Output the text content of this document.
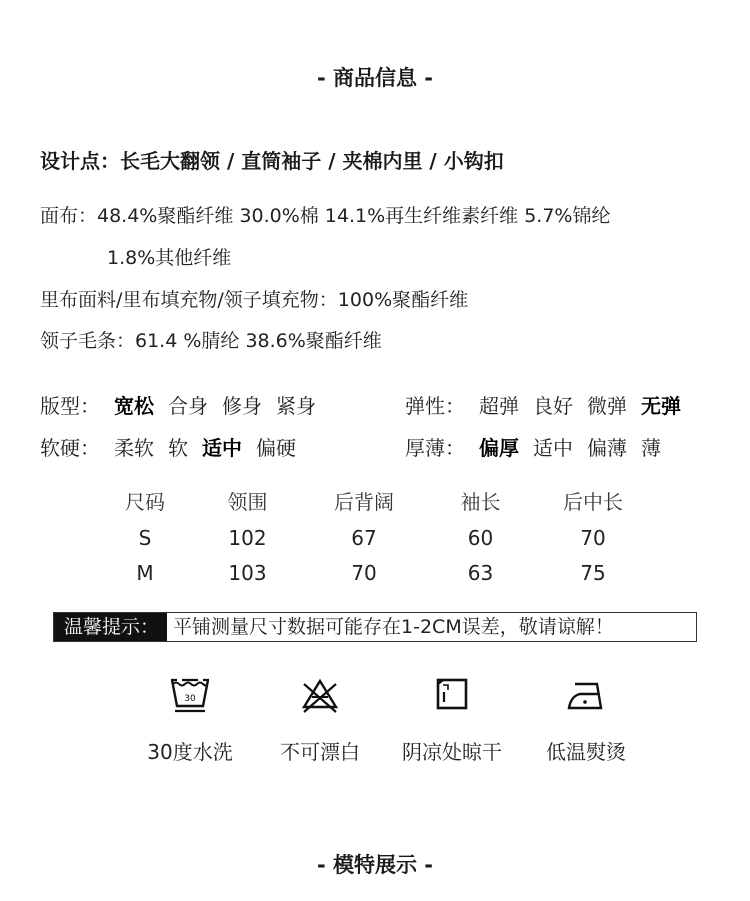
- 商品信息 -
设计点：长毛大翻领 / 直筒袖子 / 夹棉内里 / 小钩扣
面布：48.4%聚酯纤维 30.0%棉 14.1%再生纤维素纤维 5.7%锦纶
1.8%其他纤维
里布面料/里布填充物/领子填充物：100%聚酯纤维
领子毛条：61.4 %腈纶 38.6%聚酯纤维
版型： 宽松 合身 修身 紧身	弹性： 超弹 良好 微弹 无弹
软硬： 柔软 软 适中 偏硬	厚薄： 偏厚 适中 偏薄 薄
尺码	领围	后背阔	袖长	后中长
S	102	67	60	70
M	103	70	63	75
温馨提示： 平铺测量尺寸数据可能存在1-2CM误差，敬请谅解！
30
30度水洗	不可漂白	阴凉处晾干	低温熨烫
- 模特展示 -
